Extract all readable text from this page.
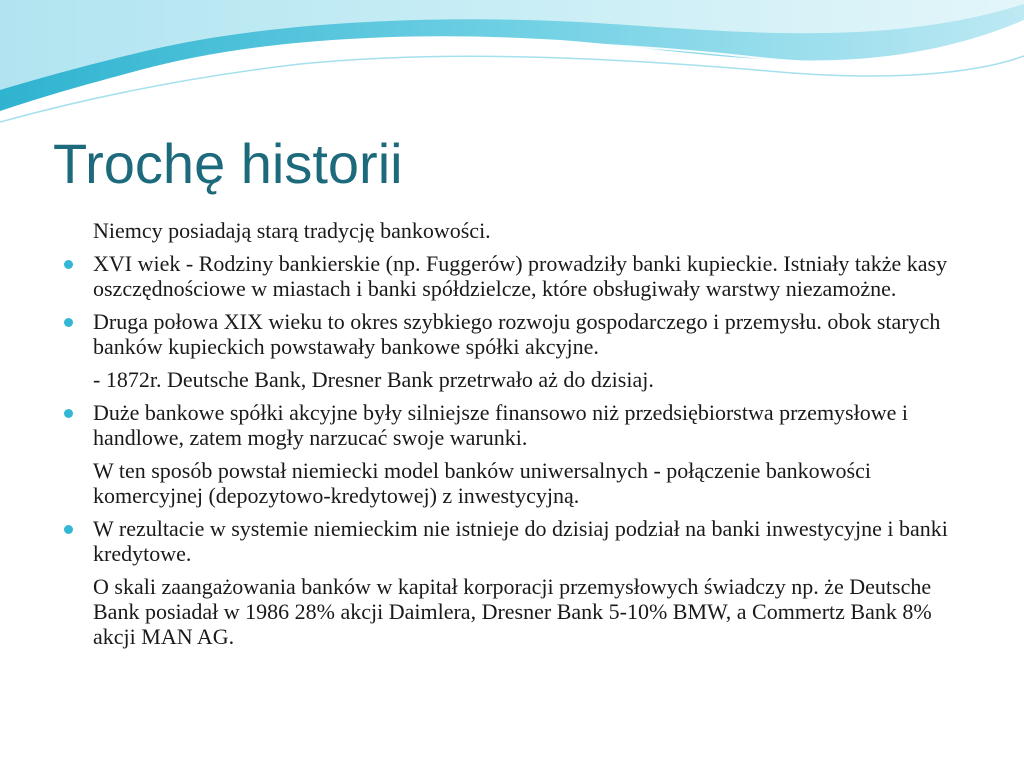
Trochę historii
Niemcy posiadają starą tradycję bankowości.
XVI wiek - Rodziny bankierskie (np. Fuggerów) prowadziły banki kupieckie. Istniały także kasy oszczędnościowe w miastach i banki spółdzielcze, które obsługiwały warstwy niezamożne.
Druga połowa XIX wieku to okres szybkiego rozwoju gospodarczego i przemysłu. obok starych banków kupieckich powstawały bankowe spółki akcyjne.
- 1872r. Deutsche Bank, Dresner Bank przetrwało aż do dzisiaj.
Duże bankowe spółki akcyjne były silniejsze finansowo niż przedsiębiorstwa przemysłowe i handlowe, zatem mogły narzucać swoje warunki.
W ten sposób powstał niemiecki model banków uniwersalnych - połączenie bankowości komercyjnej (depozytowo-kredytowej) z inwestycyjną.
W rezultacie w systemie niemieckim nie istnieje do dzisiaj podział na banki inwestycyjne i banki kredytowe.
O skali zaangażowania banków w kapitał korporacji przemysłowych świadczy np. że Deutsche Bank posiadał w 1986 28% akcji Daimlera, Dresner Bank 5-10% BMW, a Commertz Bank 8% akcji MAN AG.
